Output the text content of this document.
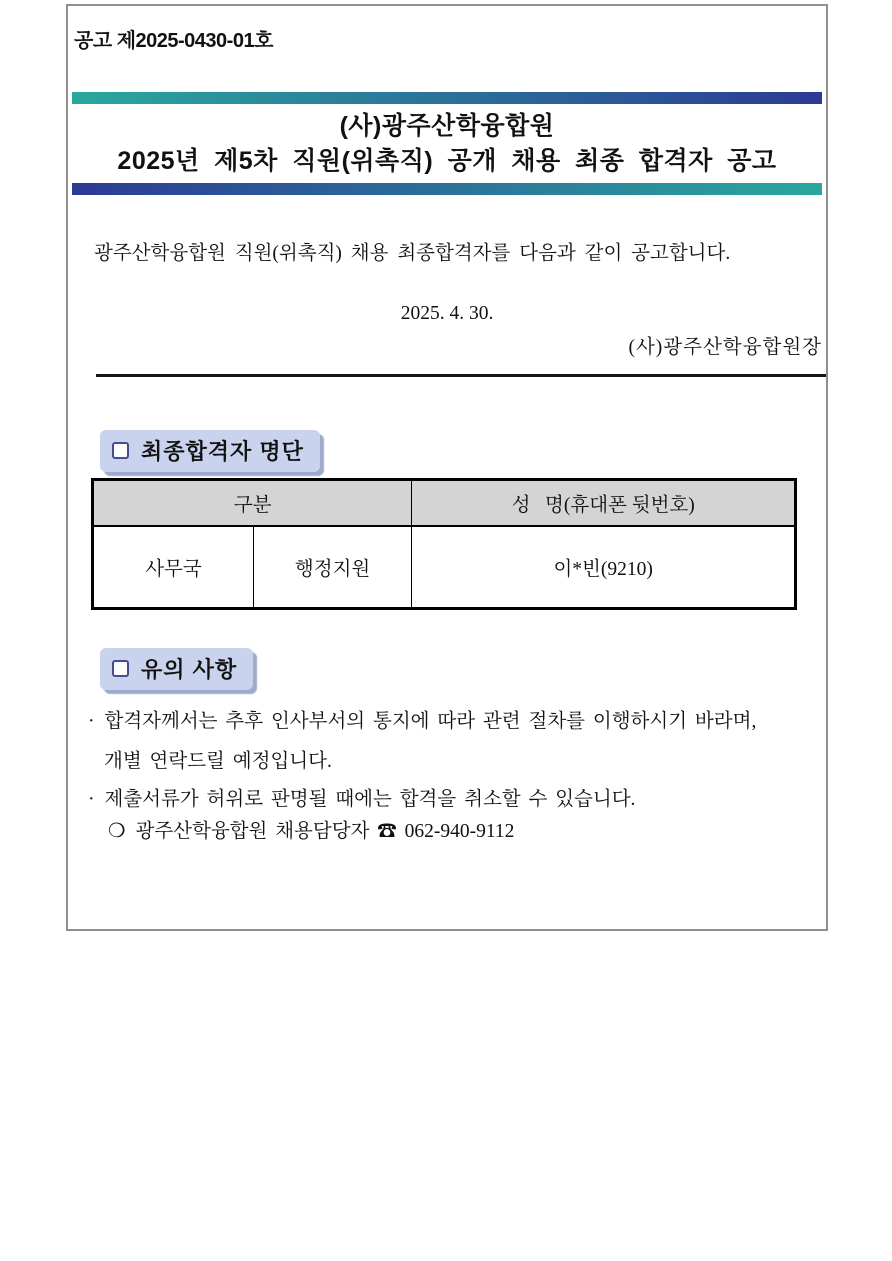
공고 제2025-0430-01호
(사)광주산학융합원
2025년 제5차 직원(위촉직) 공개 채용 최종 합격자 공고
광주산학융합원 직원(위촉직) 채용 최종합격자를 다음과 같이 공고합니다.
2025. 4. 30.
(사)광주산학융합원장
최종합격자 명단
구분		성   명(휴대폰 뒷번호)
사무국	행정지원	이*빈(9210)
유의 사항
· 합격자께서는 추후 인사부서의 통지에 따라 관련 절차를 이행하시기 바라며,
개별 연락드릴 예정입니다.
· 제출서류가 허위로 판명될 때에는 합격을 취소할 수 있습니다.
❍ 광주산학융합원 채용담당자 ☎ 062-940-9112
